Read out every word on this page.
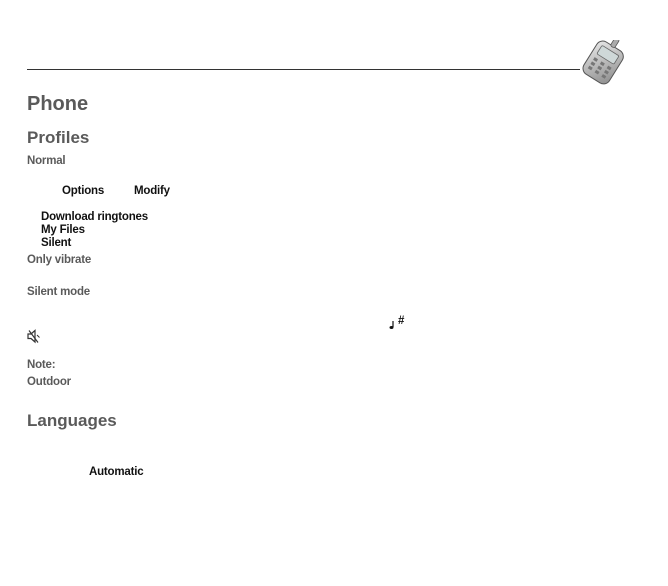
Phone
Profiles
Normal
Options	Modify
Download ringtones
My Files
Silent
Only vibrate
Silent mode
#
Note:
Outdoor
Languages
Automatic
